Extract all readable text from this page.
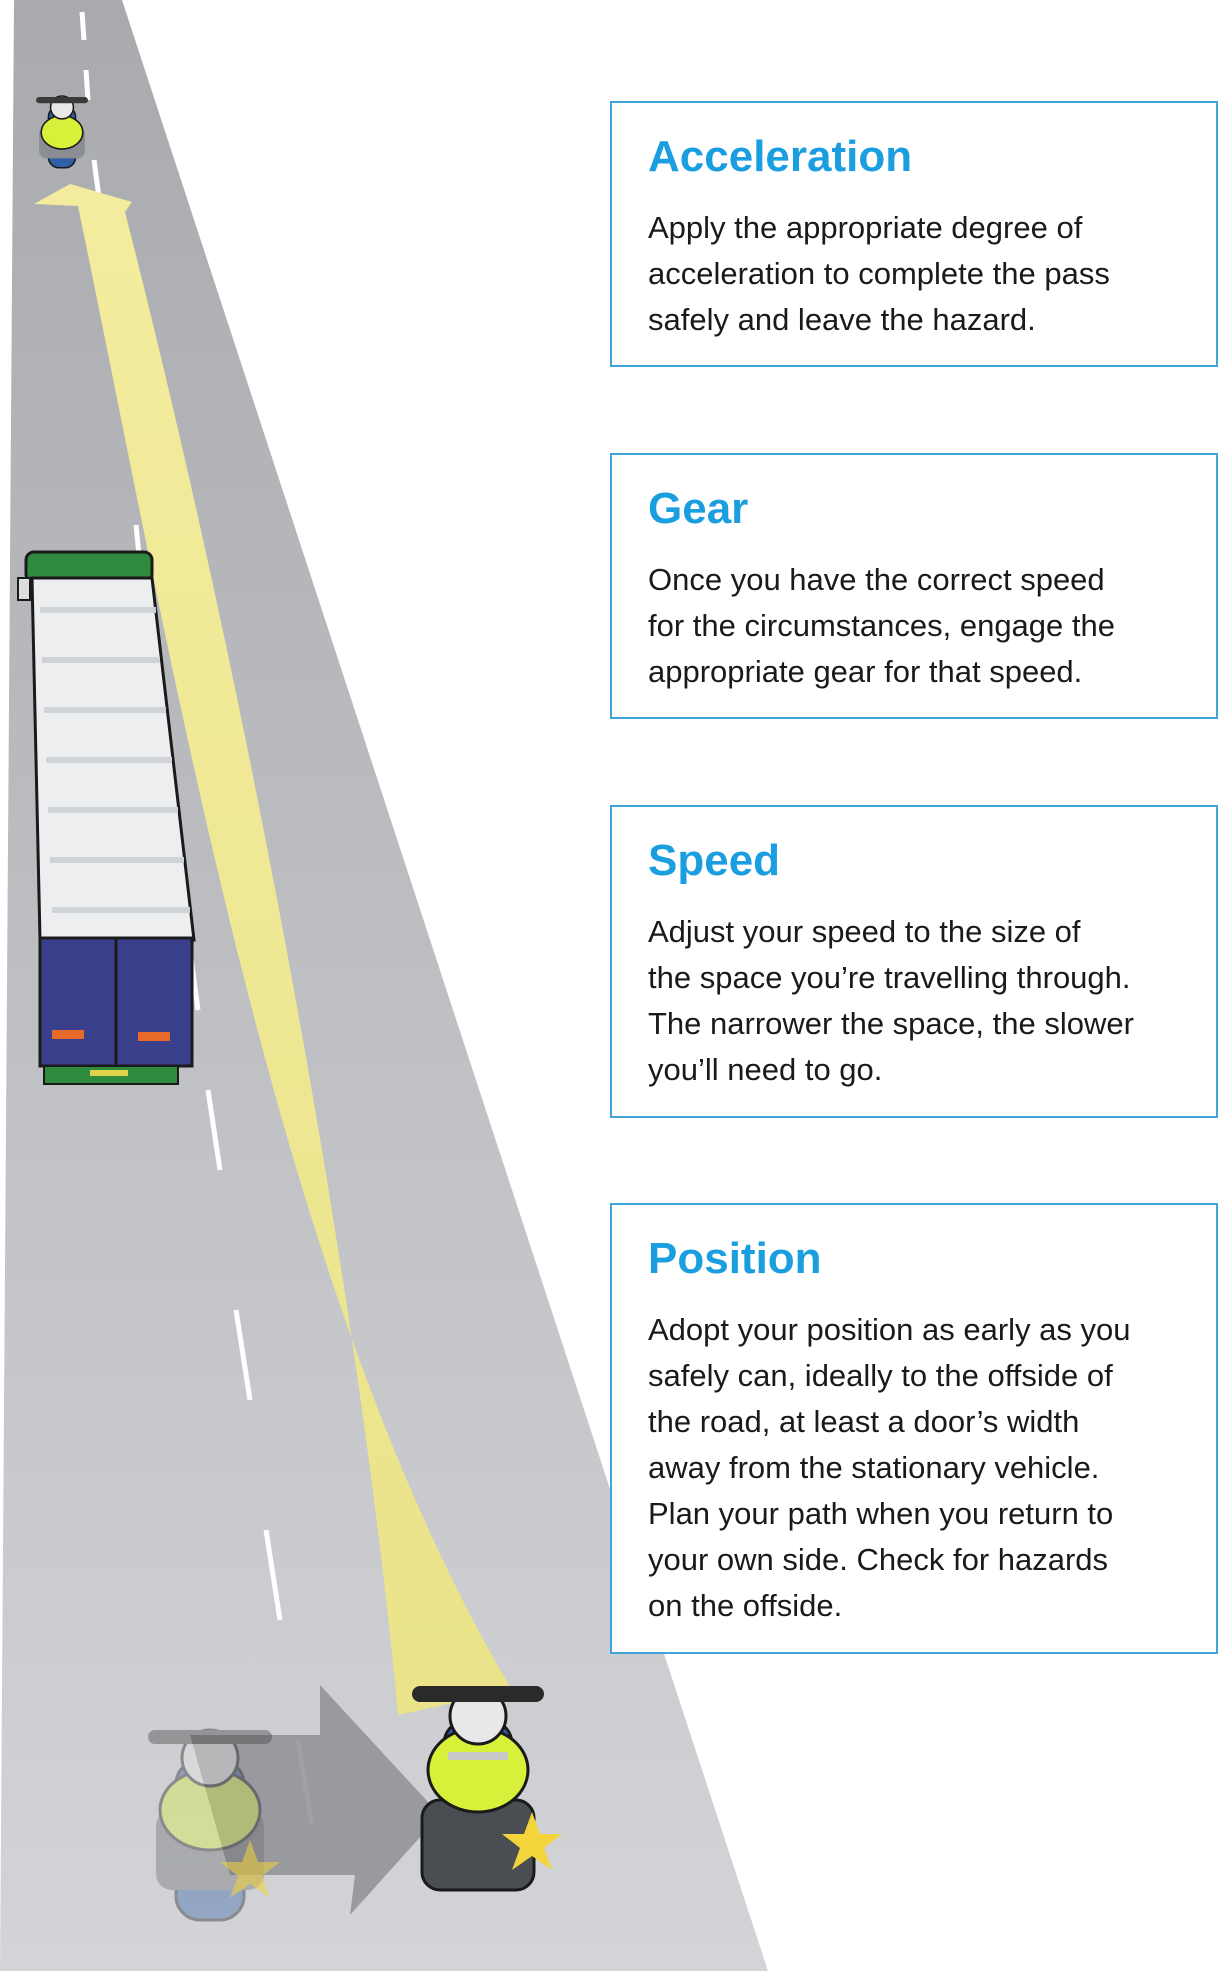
Acceleration

Apply the appropriate degree of
acceleration to complete the pass
safely and leave the hazard.

Gear

Once you have the correct speed
for the circumstances, engage the
appropriate gear for that speed.

Speed

Adjust your speed to the size of
the space you’re travelling through.
The narrower the space, the slower
you’ll need to go.

Position

Adopt your position as early as you
safely can, ideally to the offside of
the road, at least a door’s width
away from the stationary vehicle.
Plan your path when you return to
your own side. Check for hazards
on the offside.
